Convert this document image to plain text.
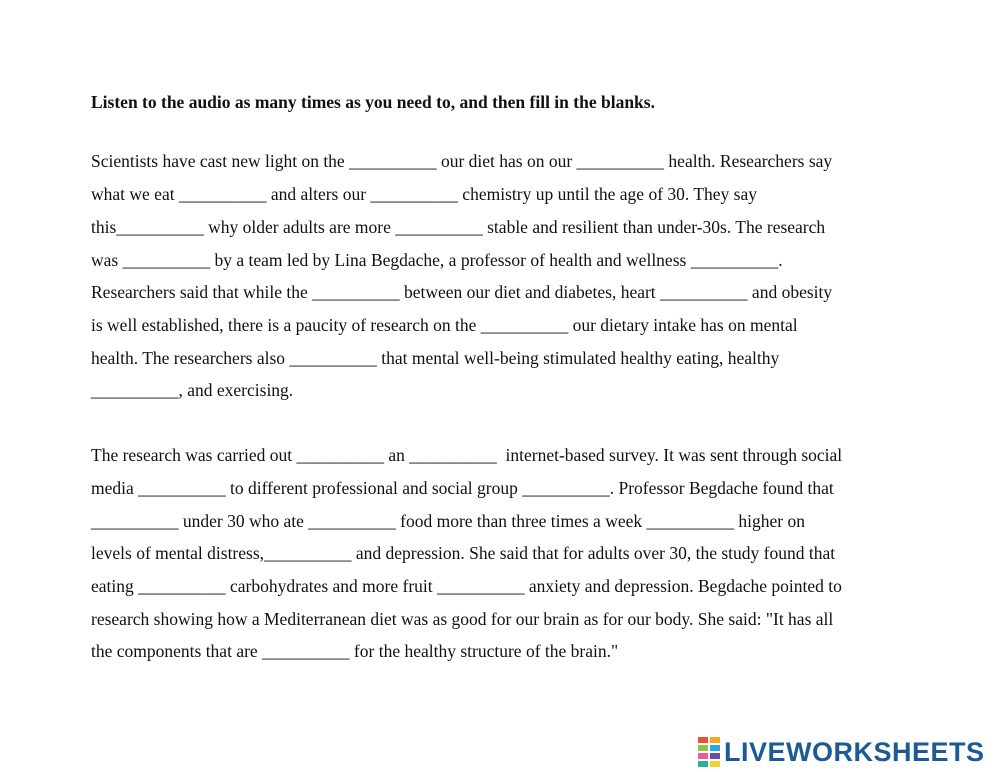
Listen to the audio as many times as you need to, and then fill in the blanks.
Scientists have cast new light on the __________ our diet has on our __________ health. Researchers say
what we eat __________ and alters our __________ chemistry up until the age of 30. They say
this__________ why older adults are more __________ stable and resilient than under-30s. The research
was __________ by a team led by Lina Begdache, a professor of health and wellness __________.
Researchers said that while the __________ between our diet and diabetes, heart __________ and obesity
is well established, there is a paucity of research on the __________ our dietary intake has on mental
health. The researchers also __________ that mental well-being stimulated healthy eating, healthy
__________, and exercising.
The research was carried out __________ an __________  internet-based survey. It was sent through social
media __________ to different professional and social group __________. Professor Begdache found that
__________ under 30 who ate __________ food more than three times a week __________ higher on
levels of mental distress,__________ and depression. She said that for adults over 30, the study found that
eating __________ carbohydrates and more fruit __________ anxiety and depression. Begdache pointed to
research showing how a Mediterranean diet was as good for our brain as for our body. She said: "It has all
the components that are __________ for the healthy structure of the brain."
LIVEWORKSHEETS
